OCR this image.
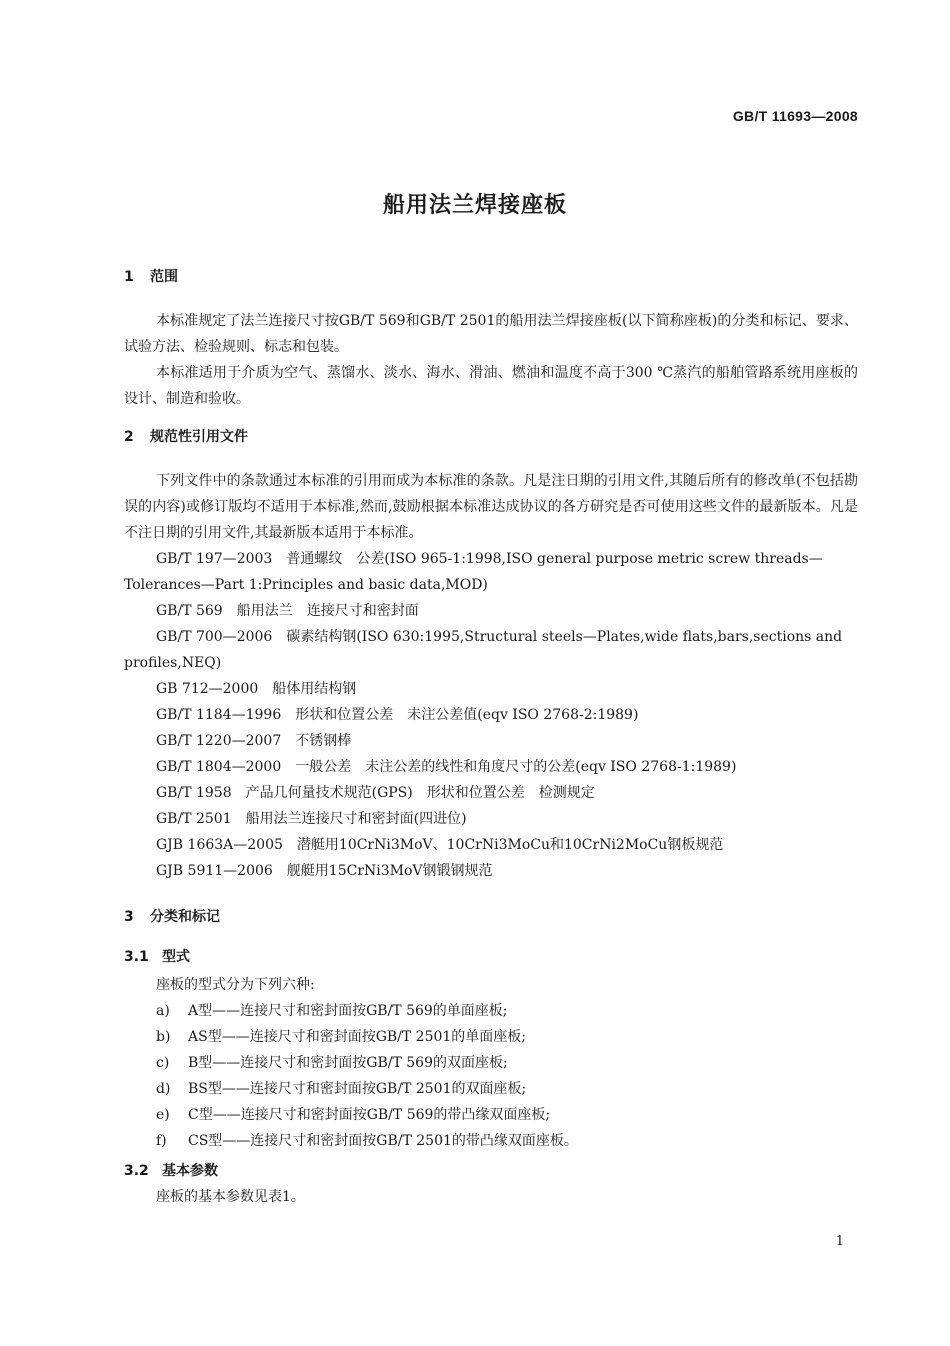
GB/T 11693—2008
船用法兰焊接座板
1 范围

本标准规定了法兰连接尺寸按GB/T 569和GB/T 2501的船用法兰焊接座板(以下简称座板)的分类和标记、要求、试验方法、检验规则、标志和包装。

本标准适用于介质为空气、蒸馏水、淡水、海水、滑油、燃油和温度不高于300 ℃蒸汽的船舶管路系统用座板的设计、制造和验收。

2 规范性引用文件

下列文件中的条款通过本标准的引用而成为本标准的条款。凡是注日期的引用文件,其随后所有的修改单(不包括勘误的内容)或修订版均不适用于本标准,然而,鼓励根据本标准达成协议的各方研究是否可使用这些文件的最新版本。凡是不注日期的引用文件,其最新版本适用于本标准。

GB/T 197—2003 普通螺纹　公差(ISO 965-1:1998,ISO general purpose metric screw threads—Tolerances—Part 1:Principles and basic data,MOD)

GB/T 569 船用法兰　连接尺寸和密封面

GB/T 700—2006 碳素结构钢(ISO 630:1995,Structural steels—Plates,wide flats,bars,sections and profiles,NEQ)

GB 712—2000 船体用结构钢

GB/T 1184—1996 形状和位置公差　未注公差值(eqv ISO 2768-2:1989)

GB/T 1220—2007 不锈钢棒

GB/T 1804—2000 一般公差　未注公差的线性和角度尺寸的公差(eqv ISO 2768-1:1989)

GB/T 1958 产品几何量技术规范(GPS)　形状和位置公差　检测规定

GB/T 2501 船用法兰连接尺寸和密封面(四进位)

GJB 1663A—2005 潜艇用10CrNi3MoV、10CrNi3MoCu和10CrNi2MoCu钢板规范

GJB 5911—2006 舰艇用15CrNi3MoV钢锻钢规范

3 分类和标记
3.1 型式

座板的型式分为下列六种:

a) A型——连接尺寸和密封面按GB/T 569的单面座板;

b) AS型——连接尺寸和密封面按GB/T 2501的单面座板;

c) B型——连接尺寸和密封面按GB/T 569的双面座板;

d) BS型——连接尺寸和密封面按GB/T 2501的双面座板;

e) C型——连接尺寸和密封面按GB/T 569的带凸缘双面座板;

f) CS型——连接尺寸和密封面按GB/T 2501的带凸缘双面座板。

3.2 基本参数

座板的基本参数见表1。

1
